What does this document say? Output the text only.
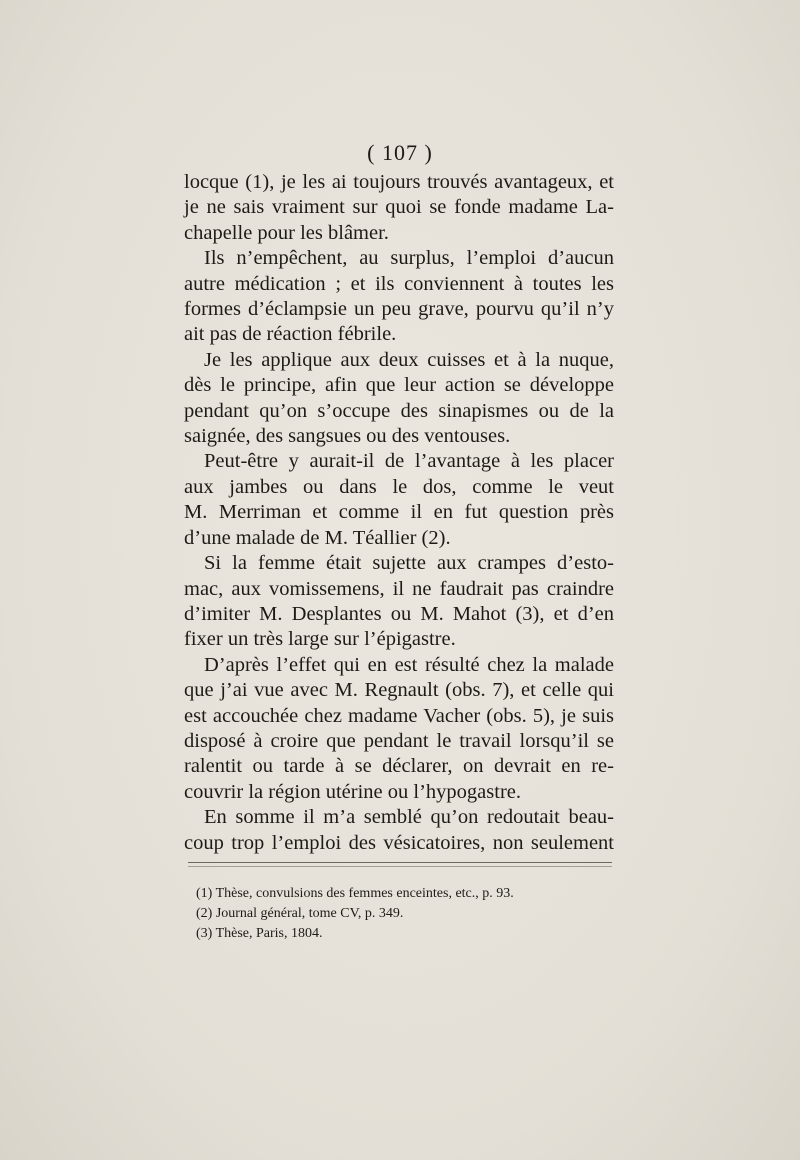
( 107 )
locque (1), je les ai toujours trouvés avantageux, et
je ne sais vraiment sur quoi se fonde madame La-
chapelle pour les blâmer.
Ils n’empêchent, au surplus, l’emploi d’aucun
autre médication ; et ils conviennent à toutes les
formes d’éclampsie un peu grave, pourvu qu’il n’y
ait pas de réaction fébrile.
Je les applique aux deux cuisses et à la nuque,
dès le principe, afin que leur action se développe
pendant qu’on s’occupe des sinapismes ou de la
saignée, des sangsues ou des ventouses.
Peut-être y aurait-il de l’avantage à les placer
aux jambes ou dans le dos, comme le veut
M. Merriman et comme il en fut question près
d’une malade de M. Téallier (2).
Si la femme était sujette aux crampes d’esto-
mac, aux vomissemens, il ne faudrait pas craindre
d’imiter M. Desplantes ou M. Mahot (3), et d’en
fixer un très large sur l’épigastre.
D’après l’effet qui en est résulté chez la malade
que j’ai vue avec M. Regnault (obs. 7), et celle qui
est accouchée chez madame Vacher (obs. 5), je suis
disposé à croire que pendant le travail lorsqu’il se
ralentit ou tarde à se déclarer, on devrait en re-
couvrir la région utérine ou l’hypogastre.
En somme il m’a semblé qu’on redoutait beau-
coup trop l’emploi des vésicatoires, non seulement
(1) Thèse, convulsions des femmes enceintes, etc., p. 93.
(2) Journal général, tome CV, p. 349.
(3) Thèse, Paris, 1804.
